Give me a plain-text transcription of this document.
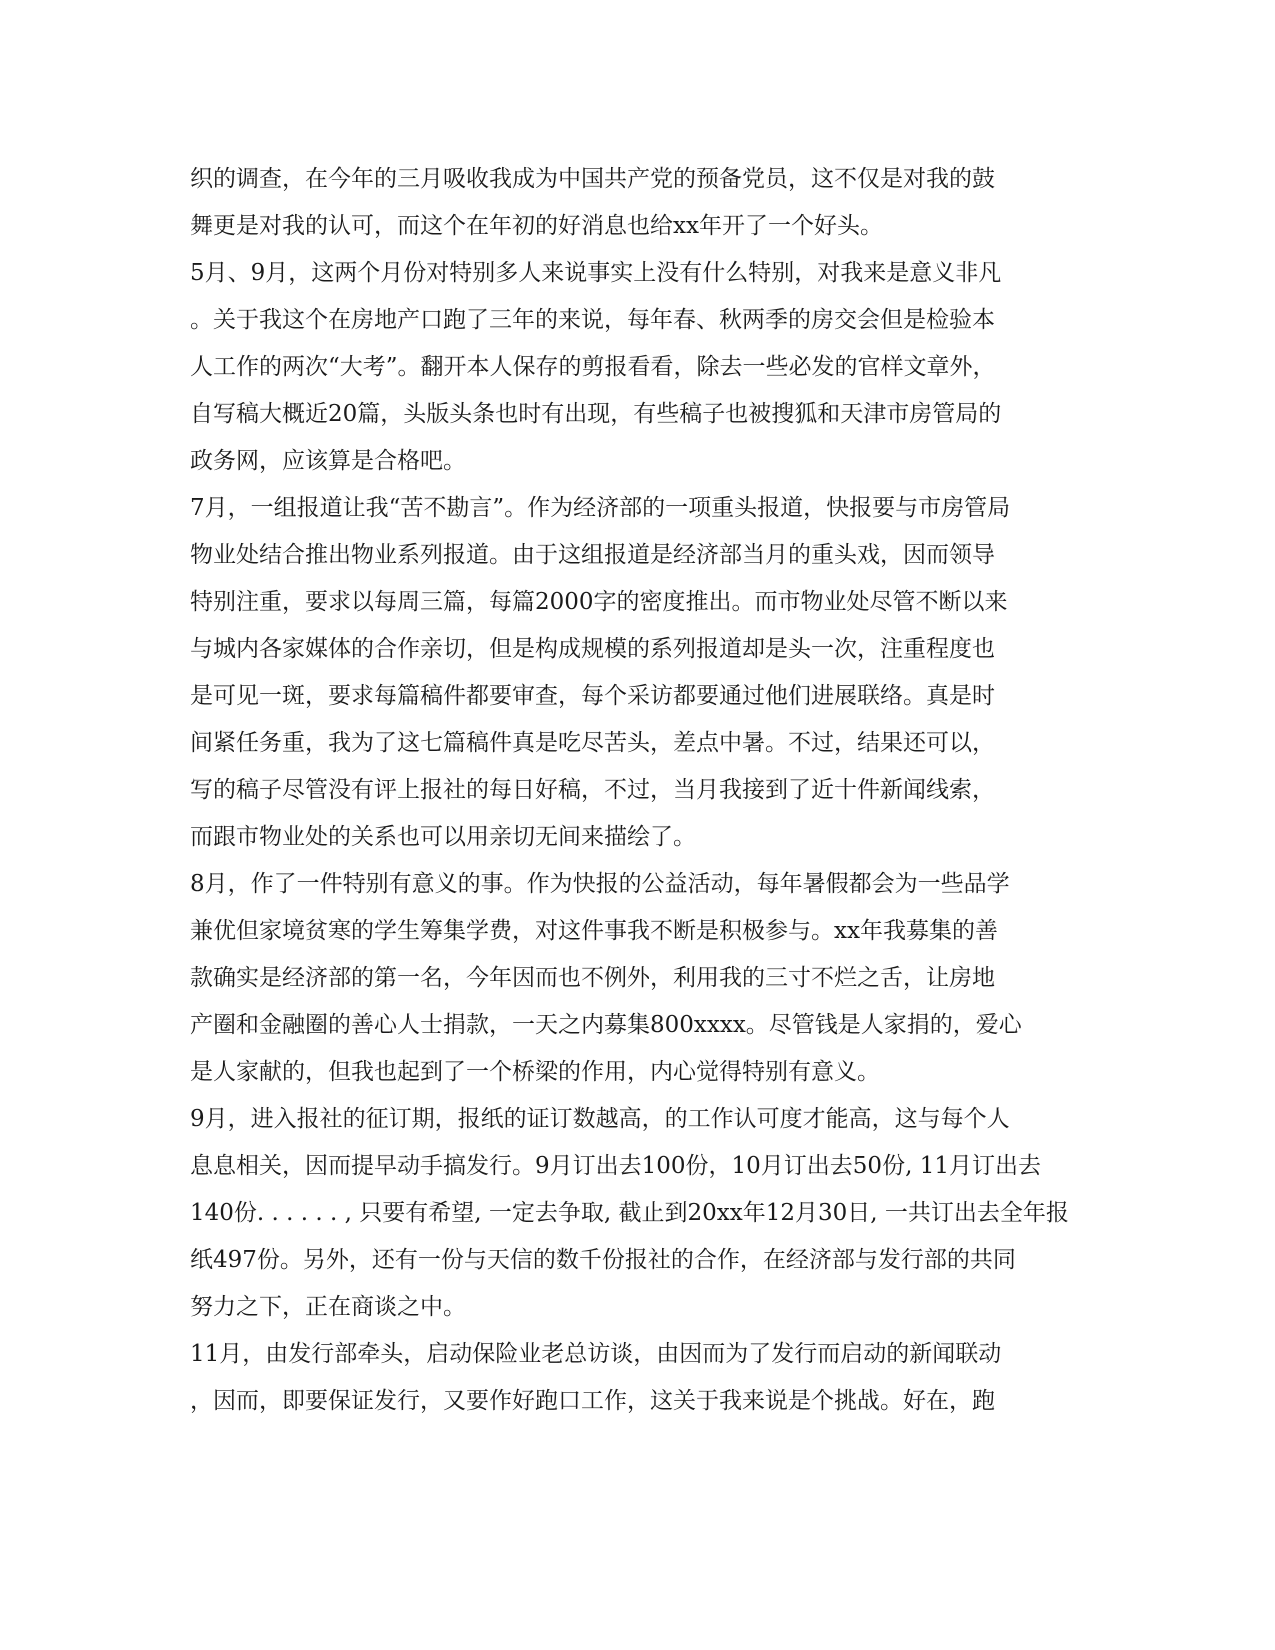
织的调查，在今年的三月吸收我成为中国共产党的预备党员，这不仅是对我的鼓
舞更是对我的认可，而这个在年初的好消息也给xx年开了一个好头。
5月、9月，这两个月份对特别多人来说事实上没有什么特别，对我来是意义非凡
。关于我这个在房地产口跑了三年的来说，每年春、秋两季的房交会但是检验本
人工作的两次“大考”。翻开本人保存的剪报看看，除去一些必发的官样文章外，
自写稿大概近20篇，头版头条也时有出现，有些稿子也被搜狐和天津市房管局的
政务网，应该算是合格吧。
7月，一组报道让我“苦不勘言”。作为经济部的一项重头报道，快报要与市房管局
物业处结合推出物业系列报道。由于这组报道是经济部当月的重头戏，因而领导
特别注重，要求以每周三篇，每篇2000字的密度推出。而市物业处尽管不断以来
与城内各家媒体的合作亲切，但是构成规模的系列报道却是头一次，注重程度也
是可见一斑，要求每篇稿件都要审查，每个采访都要通过他们进展联络。真是时
间紧任务重，我为了这七篇稿件真是吃尽苦头，差点中暑。不过，结果还可以，
写的稿子尽管没有评上报社的每日好稿，不过，当月我接到了近十件新闻线索，
而跟市物业处的关系也可以用亲切无间来描绘了。
8月，作了一件特别有意义的事。作为快报的公益活动，每年暑假都会为一些品学
兼优但家境贫寒的学生筹集学费，对这件事我不断是积极参与。xx年我募集的善
款确实是经济部的第一名，今年因而也不例外，利用我的三寸不烂之舌，让房地
产圈和金融圈的善心人士捐款，一天之内募集800xxxx。尽管钱是人家捐的，爱心
是人家献的，但我也起到了一个桥梁的作用，内心觉得特别有意义。
9月，进入报社的征订期，报纸的证订数越高，的工作认可度才能高，这与每个人
息息相关，因而提早动手搞发行。9月订出去100份，10月订出去50份, 11月订出去
140份. . . . . . , 只要有希望, 一定去争取, 截止到20xx年12月30日, 一共订出去全年报
纸497份。另外，还有一份与天信的数千份报社的合作，在经济部与发行部的共同
努力之下，正在商谈之中。
11月，由发行部牵头，启动保险业老总访谈，由因而为了发行而启动的新闻联动
，因而，即要保证发行，又要作好跑口工作，这关于我来说是个挑战。好在，跑
